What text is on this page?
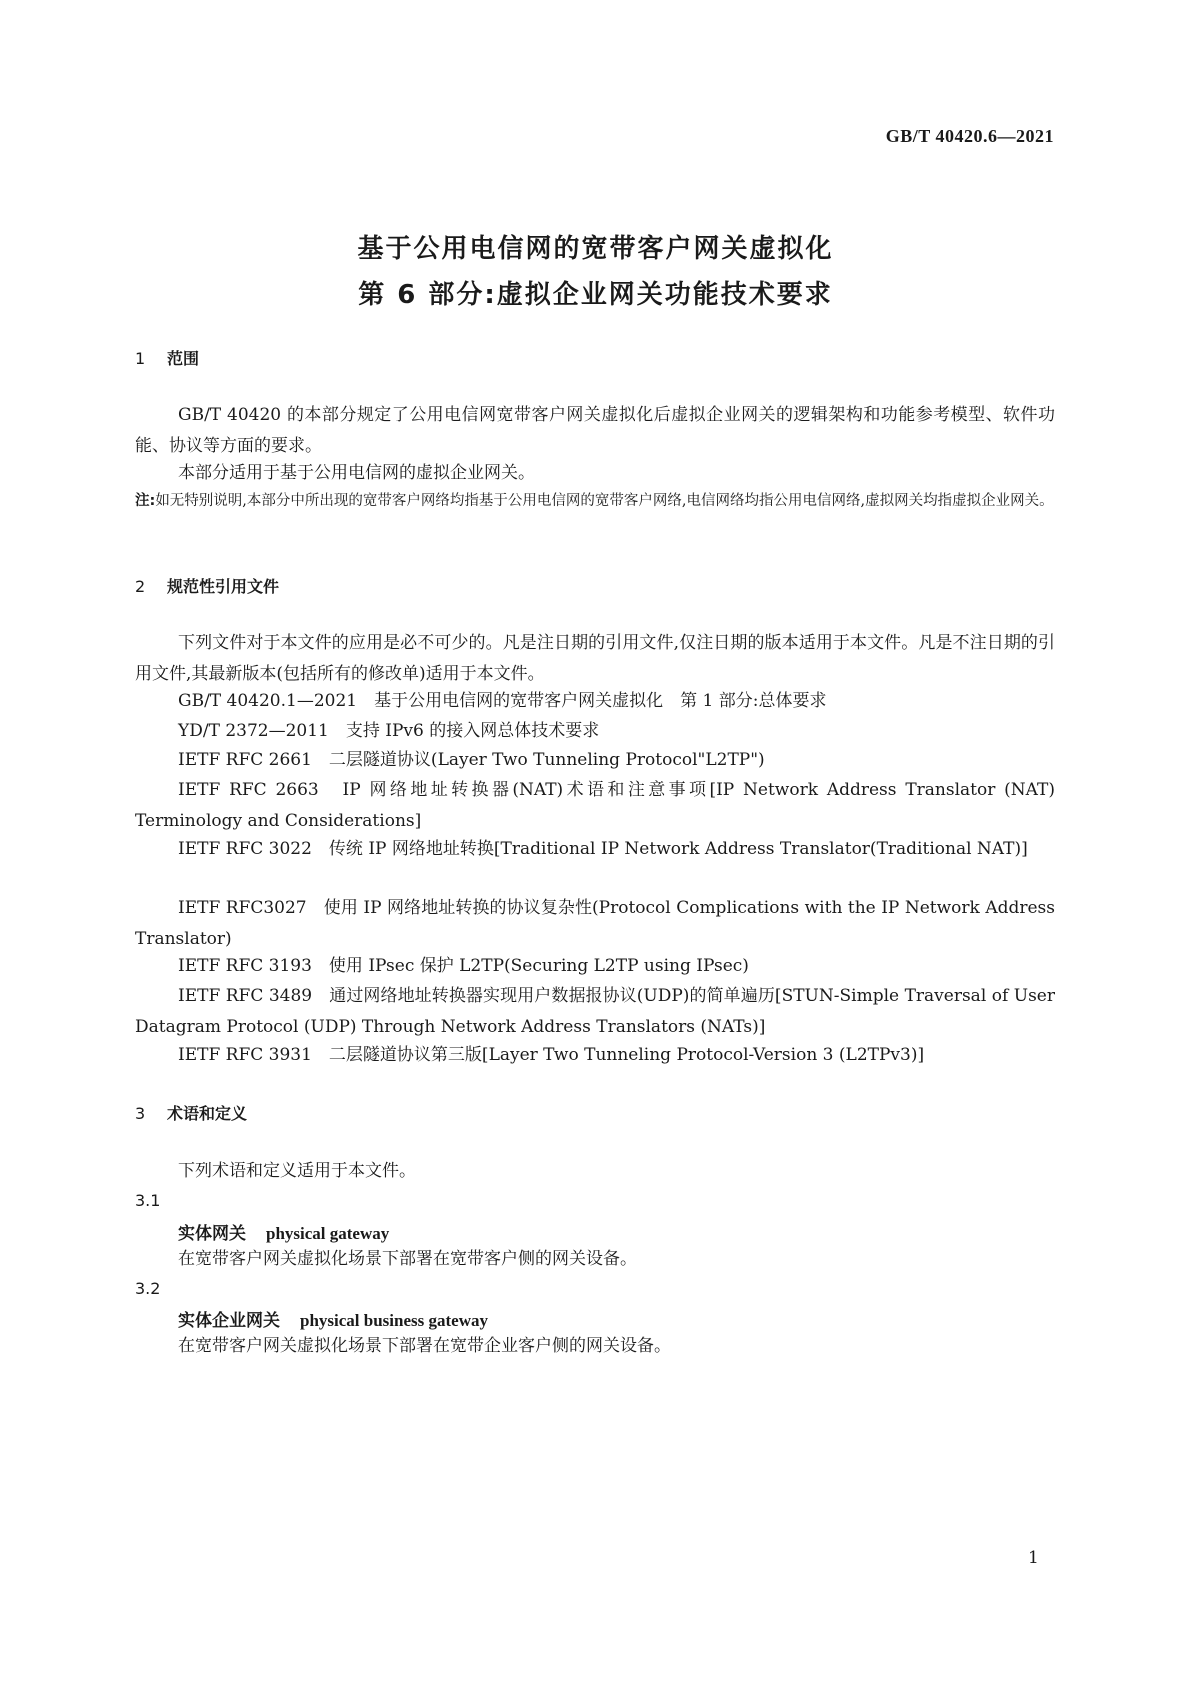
GB/T 40420.6—2021
基于公用电信网的宽带客户网关虚拟化
第 6 部分:虚拟企业网关功能技术要求
1 范围
GB/T 40420 的本部分规定了公用电信网宽带客户网关虚拟化后虚拟企业网关的逻辑架构和功能参考模型、软件功能、协议等方面的要求。
本部分适用于基于公用电信网的虚拟企业网关。
注:如无特别说明,本部分中所出现的宽带客户网络均指基于公用电信网的宽带客户网络,电信网络均指公用电信网络,虚拟网关均指虚拟企业网关。
2 规范性引用文件
下列文件对于本文件的应用是必不可少的。凡是注日期的引用文件,仅注日期的版本适用于本文件。凡是不注日期的引用文件,其最新版本(包括所有的修改单)适用于本文件。
GB/T 40420.1—2021　基于公用电信网的宽带客户网关虚拟化　第 1 部分:总体要求
YD/T 2372—2011　支持 IPv6 的接入网总体技术要求
IETF RFC 2661　二层隧道协议(Layer Two Tunneling Protocol"L2TP")
IETF RFC 2663　IP 网络地址转换器(NAT)术语和注意事项[IP Network Address Translator (NAT) Terminology and Considerations]
IETF RFC 3022　传统 IP 网络地址转换[Traditional IP Network Address Translator(Traditional NAT)]
IETF RFC3027　使用 IP 网络地址转换的协议复杂性(Protocol Complications with the IP Network Address Translator)
IETF RFC 3193　使用 IPsec 保护 L2TP(Securing L2TP using IPsec)
IETF RFC 3489　通过网络地址转换器实现用户数据报协议(UDP)的简单遍历[STUN-Simple Traversal of User Datagram Protocol (UDP) Through Network Address Translators (NATs)]
IETF RFC 3931　二层隧道协议第三版[Layer Two Tunneling Protocol-Version 3 (L2TPv3)]
3 术语和定义
下列术语和定义适用于本文件。
3.1
实体网关 physical gateway
在宽带客户网关虚拟化场景下部署在宽带客户侧的网关设备。
3.2
实体企业网关 physical business gateway
在宽带客户网关虚拟化场景下部署在宽带企业客户侧的网关设备。
1
